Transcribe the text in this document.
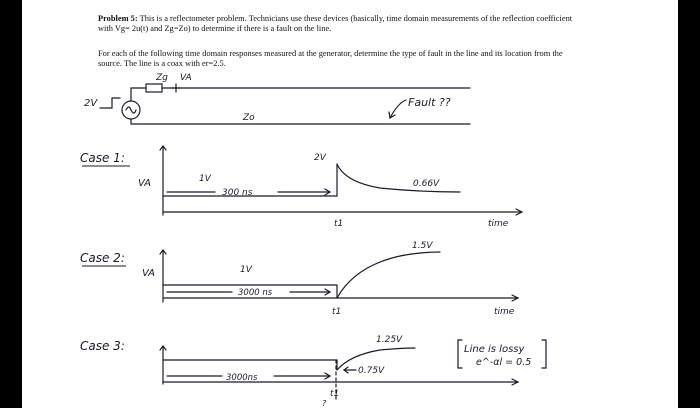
Problem 5: This is a reflectometer problem. Technicians use these devices (basically, time domain measurements of the reflection coefficient with Vg= 2u(t) and Zg=Zo) to determine if there is a fault on the line.
For each of the following time domain responses measured at the generator, determine the type of fault in the line and its location from the source. The line is a coax with er=2.5.
Zg VA
2V
Zo
Fault ??
Case 1:
VA	1V
300 ns
2V
0.66V
t1	time
Case 2:
VA	1V
3000 ns
1.5V
t1	time
Case 3:
3000ns
0.75V
1.25V
t1
?
Line is lossy
e^-αl = 0.5
